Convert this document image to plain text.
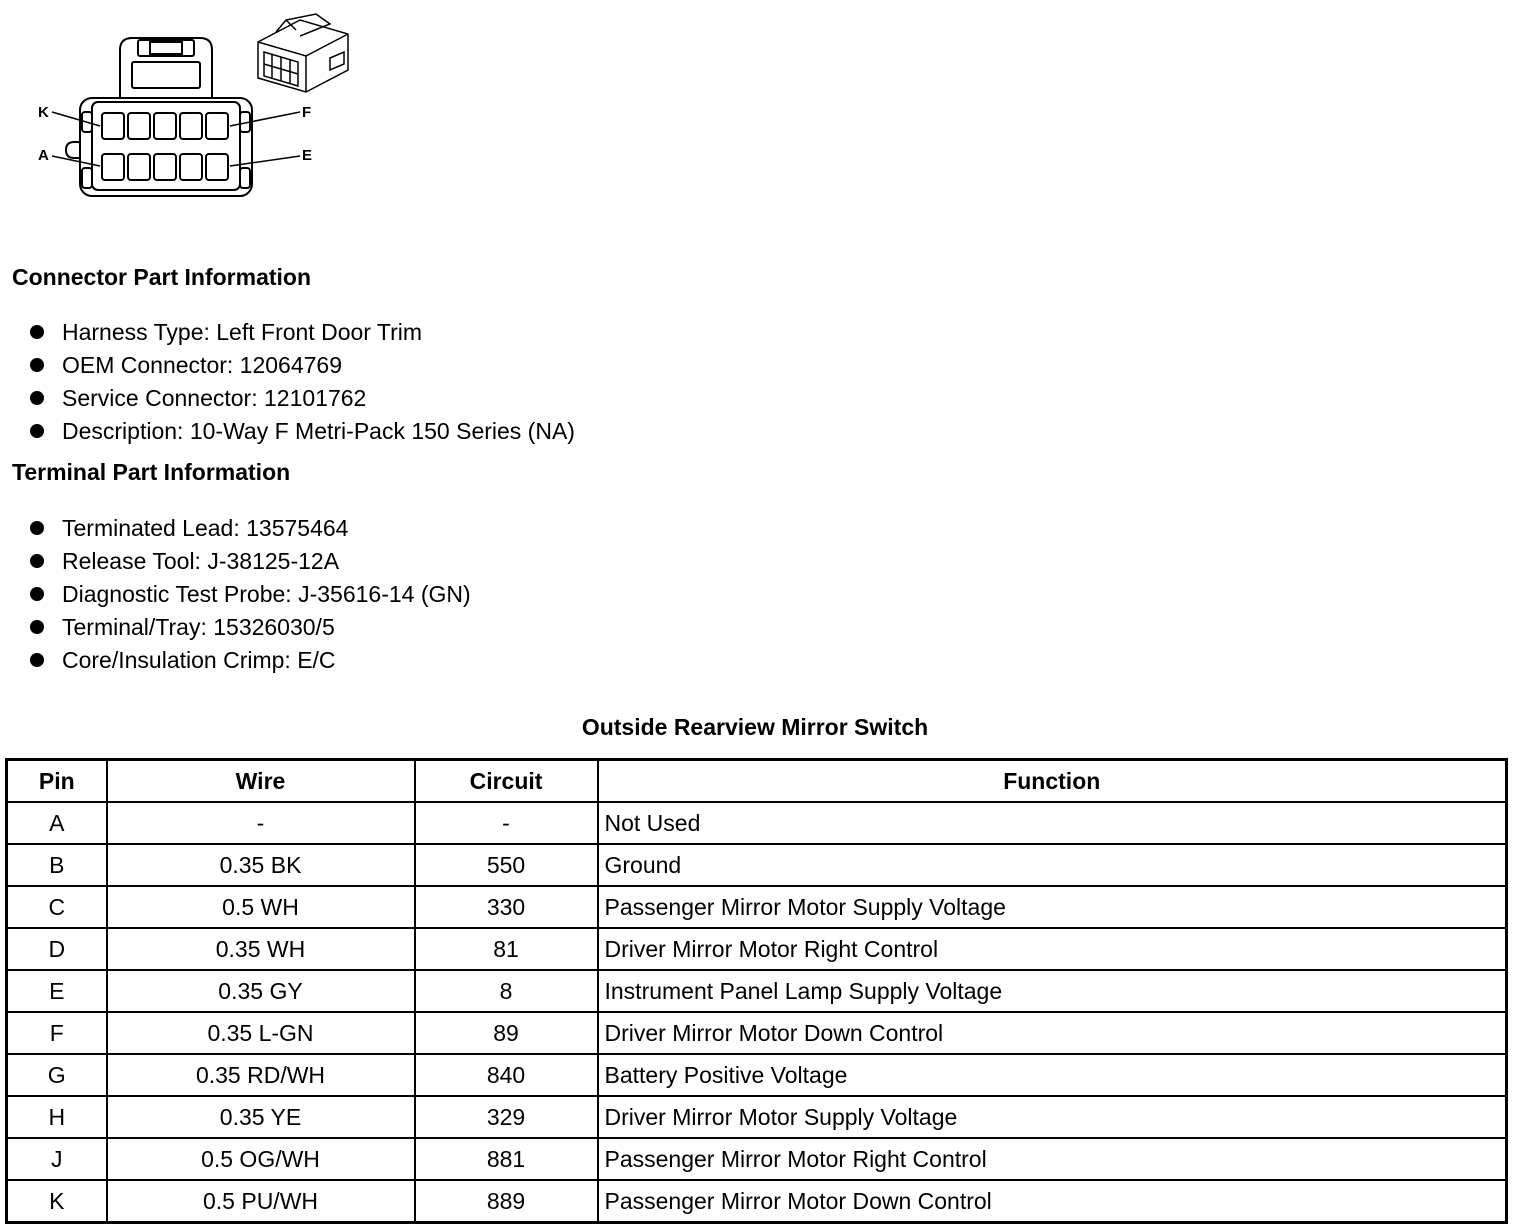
K
A
F
E
Connector Part Information
Harness Type: Left Front Door Trim
OEM Connector: 12064769
Service Connector: 12101762
Description: 10-Way F Metri-Pack 150 Series (NA)
Terminal Part Information
Terminated Lead: 13575464
Release Tool: J-38125-12A
Diagnostic Test Probe: J-35616-14 (GN)
Terminal/Tray: 15326030/5
Core/Insulation Crimp: E/C
Outside Rearview Mirror Switch
Pin	Wire	Circuit	Function
A	-	-	Not Used
B	0.35 BK	550	Ground
C	0.5 WH	330	Passenger Mirror Motor Supply Voltage
D	0.35 WH	81	Driver Mirror Motor Right Control
E	0.35 GY	8	Instrument Panel Lamp Supply Voltage
F	0.35 L-GN	89	Driver Mirror Motor Down Control
G	0.35 RD/WH	840	Battery Positive Voltage
H	0.35 YE	329	Driver Mirror Motor Supply Voltage
J	0.5 OG/WH	881	Passenger Mirror Motor Right Control
K	0.5 PU/WH	889	Passenger Mirror Motor Down Control
